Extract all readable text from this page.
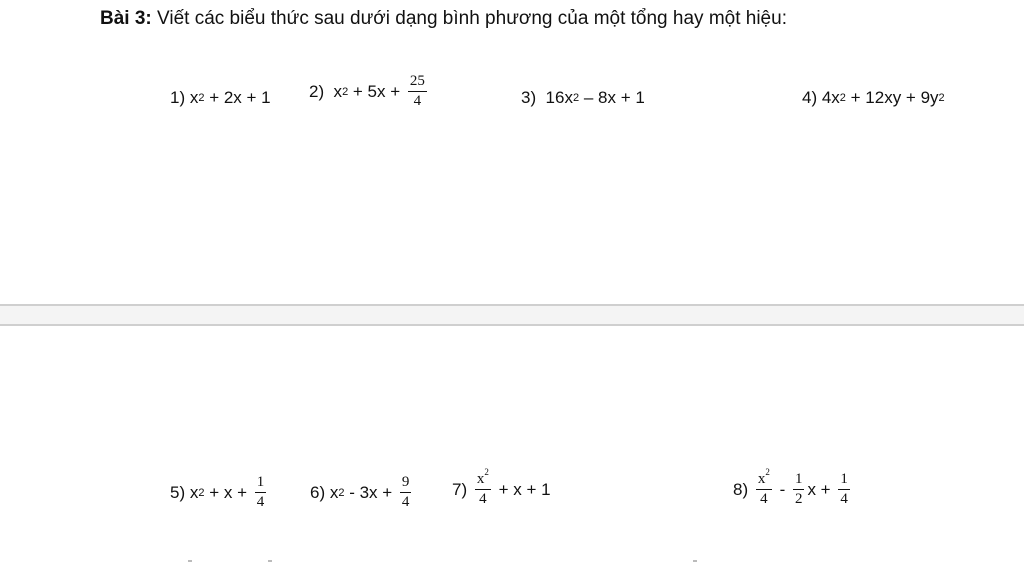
Bài 3: Viết các biểu thức sau dưới dạng bình phương của một tổng hay một hiệu:
1) x 2 + 2x + 1 2)  x $2 + 5x + \frac{25}{4}$	3)  16x 2 – 8x + 1	4) 4x 2 + 12xy + 9y 2
5) x $2 + x + \frac{1}{4}$	6) x $2 - 3x + \frac{9}{4} 7) \frac{x^2}{4} + x + 1$	$8) \frac{x^2}{4} - \frac{1}{2}$ $x + \frac{1}{4}$
